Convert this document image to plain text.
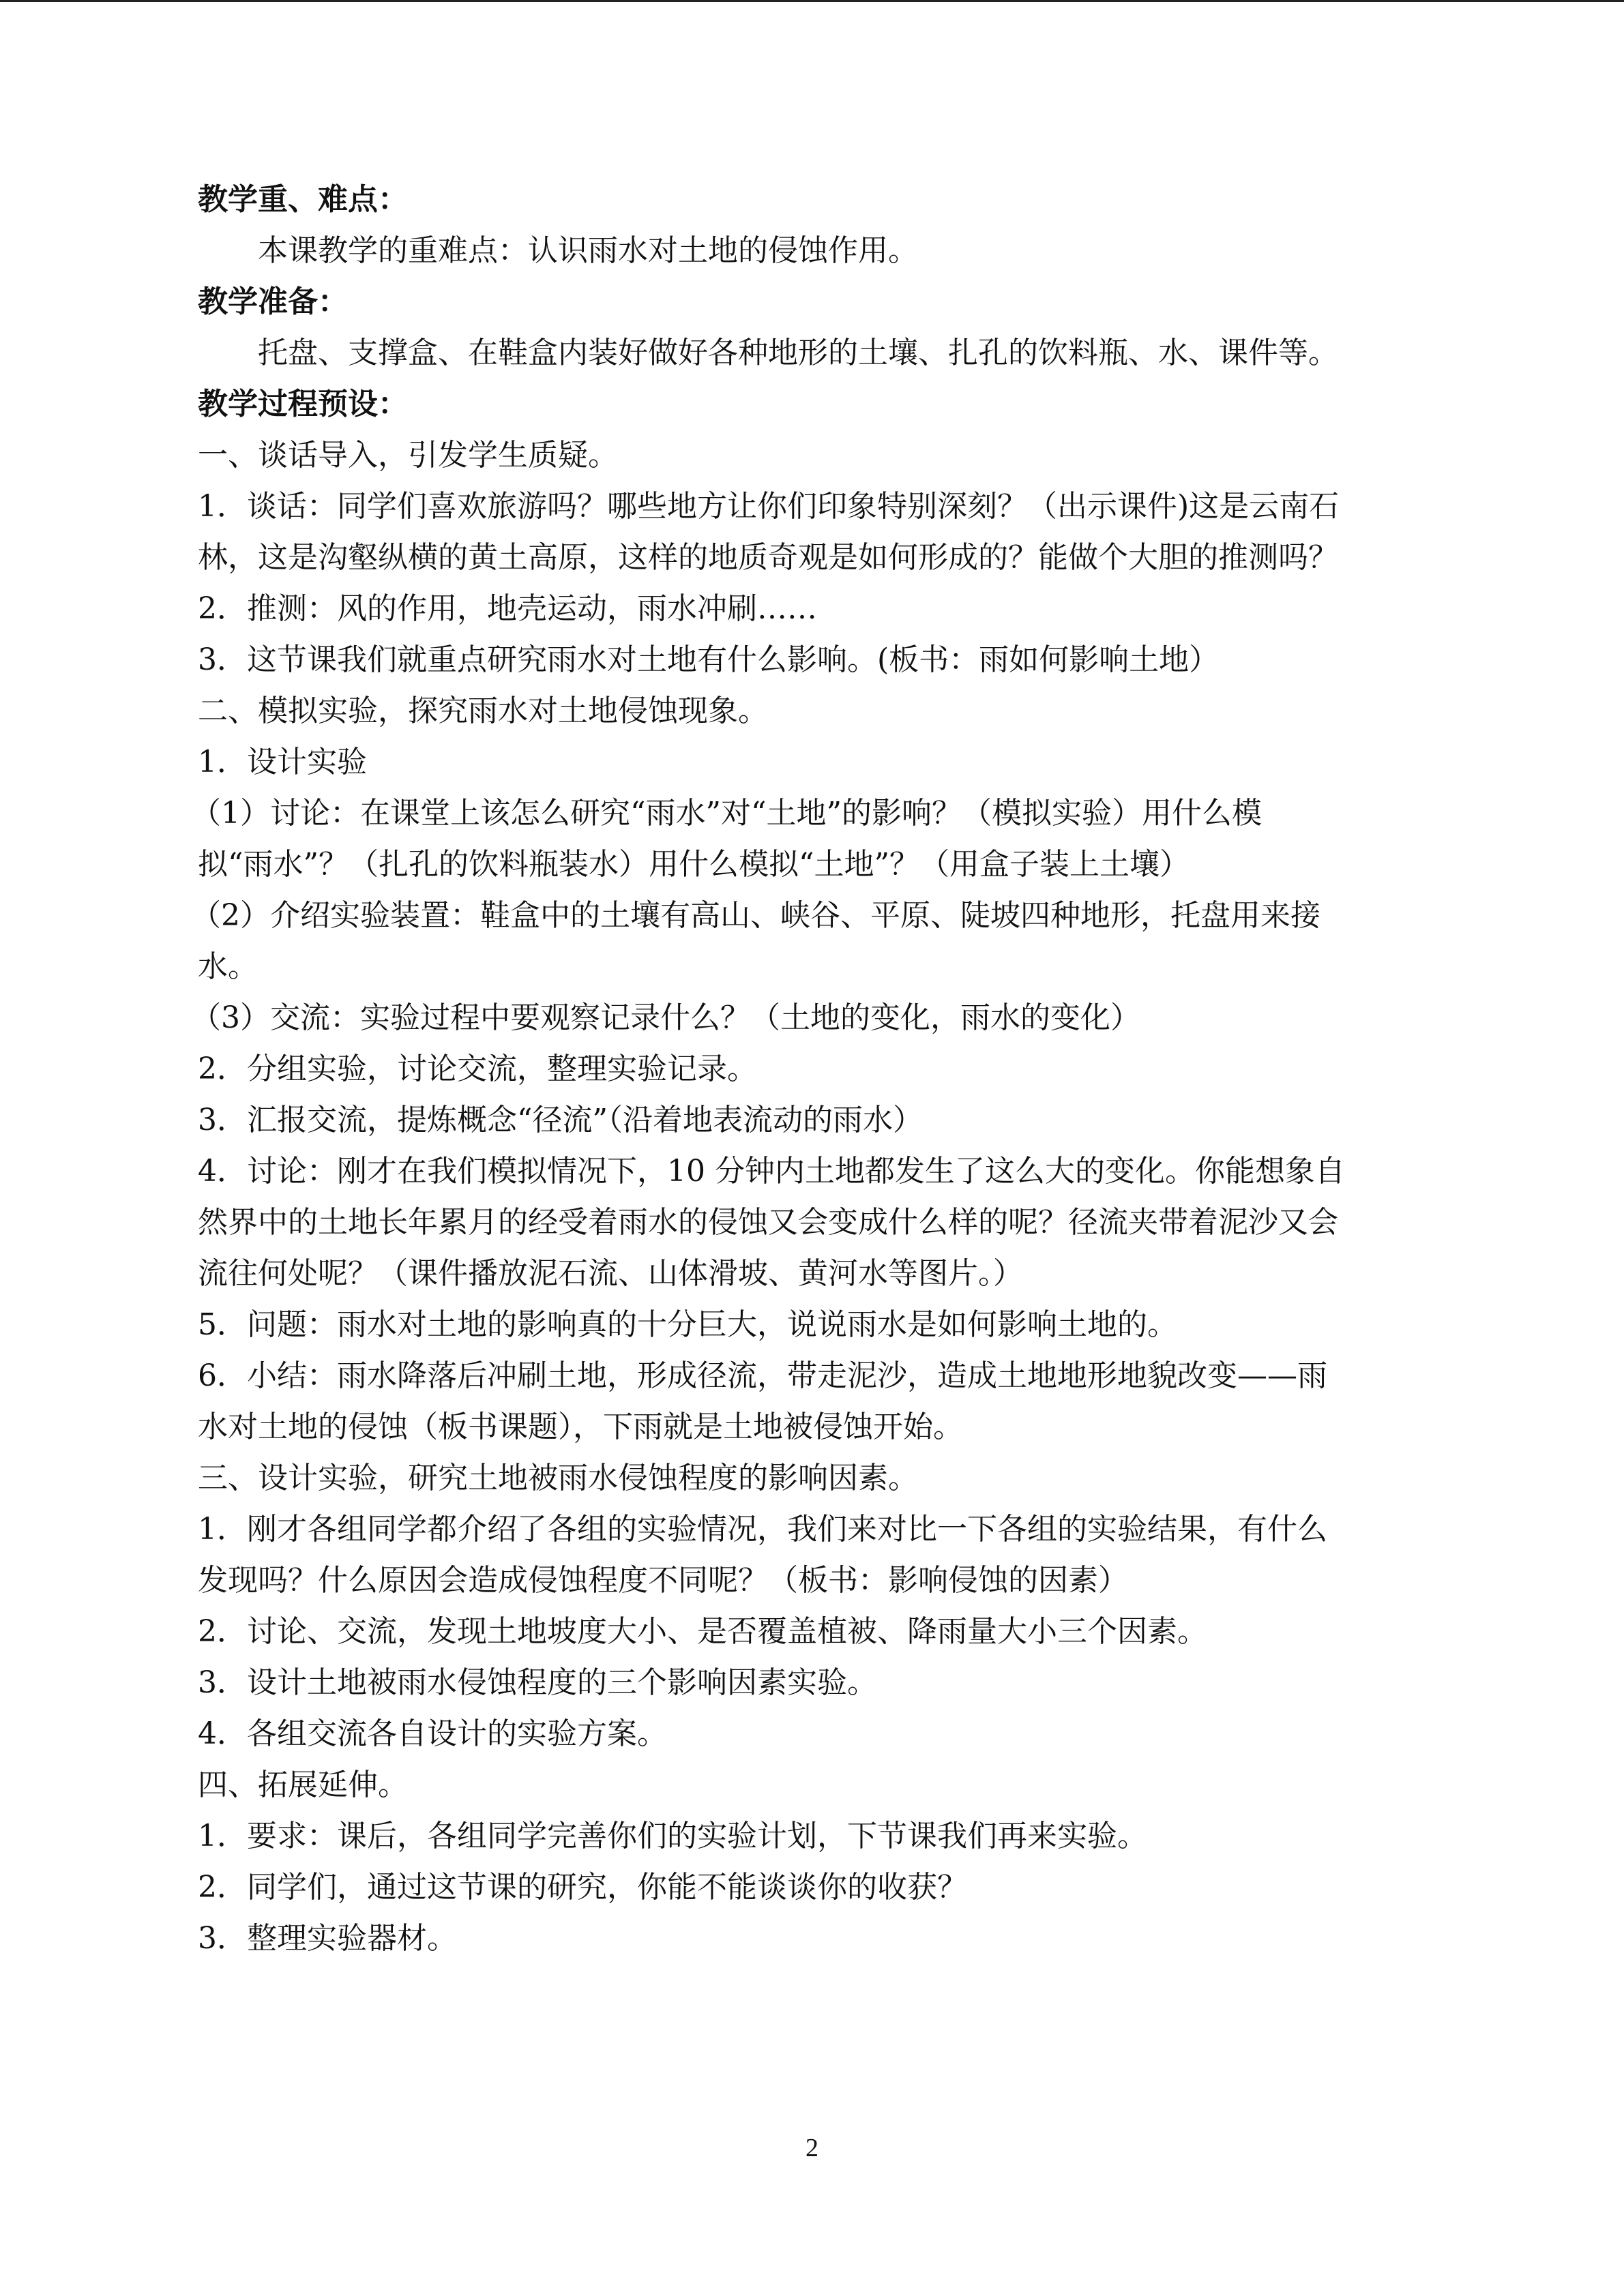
教学重、难点：
本课教学的重难点：认识雨水对土地的侵蚀作用。
教学准备：
托盘、支撑盒、在鞋盒内装好做好各种地形的土壤、扎孔的饮料瓶、水、课件等。
教学过程预设：
一、谈话导入，引发学生质疑。
1．谈话：同学们喜欢旅游吗？哪些地方让你们印象特别深刻？（出示课件)这是云南石
林，这是沟壑纵横的黄土高原，这样的地质奇观是如何形成的？能做个大胆的推测吗？
2．推测：风的作用，地壳运动，雨水冲刷……
3．这节课我们就重点研究雨水对土地有什么影响。(板书：雨如何影响土地）
二、模拟实验，探究雨水对土地侵蚀现象。
1．设计实验
（1）讨论：在课堂上该怎么研究“雨水”对“土地”的影响？（模拟实验）用什么模
拟“雨水”？（扎孔的饮料瓶装水）用什么模拟“土地”？（用盒子装上土壤）
（2）介绍实验装置：鞋盒中的土壤有高山、峡谷、平原、陡坡四种地形，托盘用来接
水。
（3）交流：实验过程中要观察记录什么？（土地的变化，雨水的变化）
2．分组实验，讨论交流，整理实验记录。
3．汇报交流，提炼概念“径流”（沿着地表流动的雨水）
4．讨论：刚才在我们模拟情况下，10 分钟内土地都发生了这么大的变化。你能想象自
然界中的土地长年累月的经受着雨水的侵蚀又会变成什么样的呢？径流夹带着泥沙又会
流往何处呢？（课件播放泥石流、山体滑坡、黄河水等图片。）
5．问题：雨水对土地的影响真的十分巨大，说说雨水是如何影响土地的。
6．小结：雨水降落后冲刷土地，形成径流，带走泥沙，造成土地地形地貌改变——雨
水对土地的侵蚀（板书课题），下雨就是土地被侵蚀开始。
三、设计实验，研究土地被雨水侵蚀程度的影响因素。
1．刚才各组同学都介绍了各组的实验情况，我们来对比一下各组的实验结果，有什么
发现吗？什么原因会造成侵蚀程度不同呢？（板书：影响侵蚀的因素）
2．讨论、交流，发现土地坡度大小、是否覆盖植被、降雨量大小三个因素。
3．设计土地被雨水侵蚀程度的三个影响因素实验。
4．各组交流各自设计的实验方案。
四、拓展延伸。
1．要求：课后，各组同学完善你们的实验计划，下节课我们再来实验。
2．同学们，通过这节课的研究，你能不能谈谈你的收获？
3．整理实验器材。
2
